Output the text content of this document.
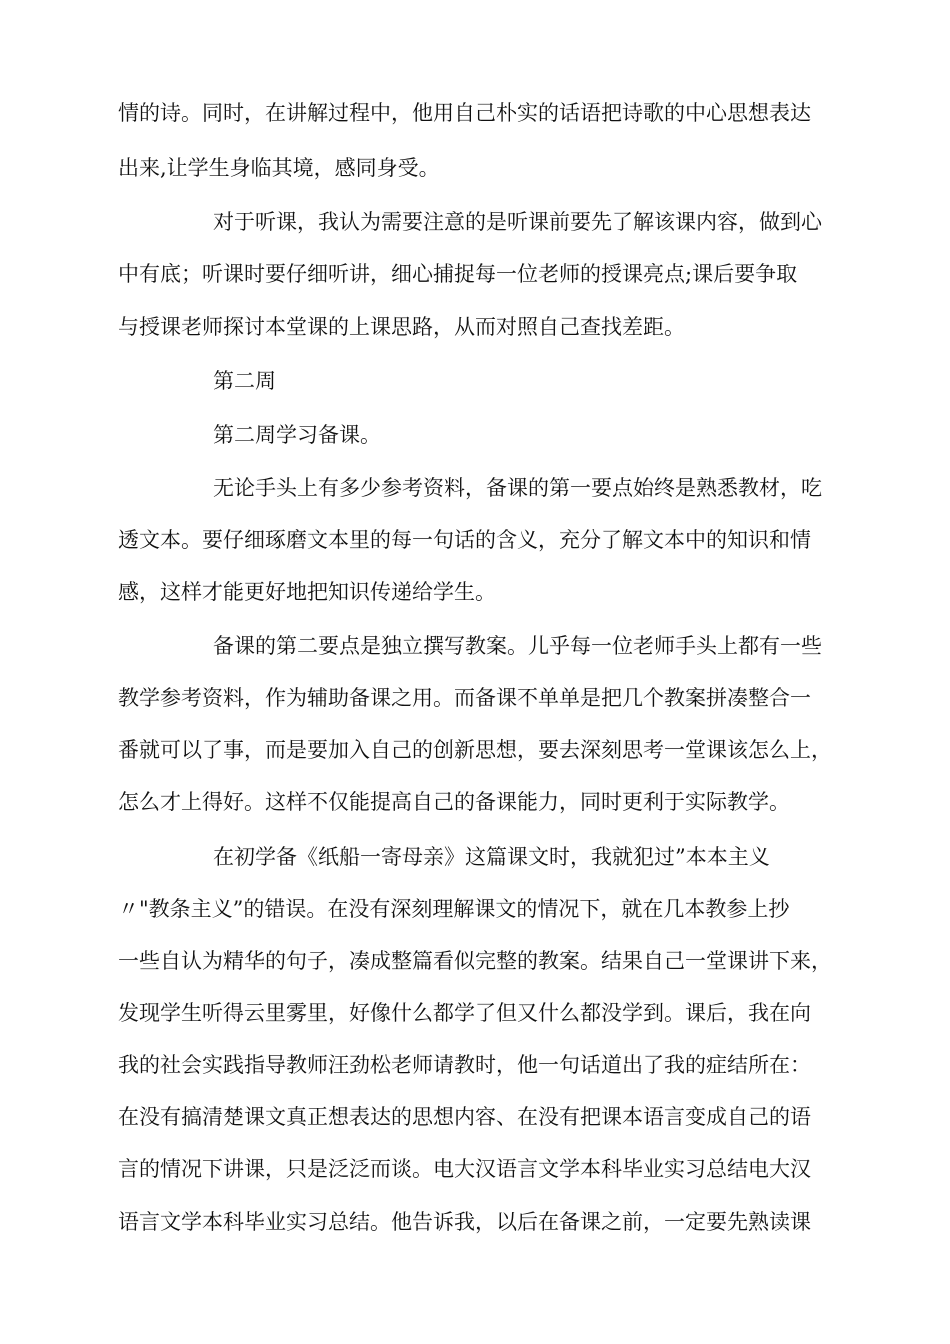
情的诗。同时，在讲解过程中，他用自己朴实的话语把诗歌的中心思想表达
出来,让学生身临其境，感同身受。
对于听课，我认为需要注意的是听课前要先了解该课内容，做到心
中有底；听课时要仔细听讲，细心捕捉每一位老师的授课亮点;课后要争取
与授课老师探讨本堂课的上课思路，从而对照自己查找差距。
第二周
第二周学习备课。
无论手头上有多少参考资料，备课的第一要点始终是熟悉教材，吃
透文本。要仔细琢磨文本里的每一句话的含义，充分了解文本中的知识和情
感，这样才能更好地把知识传递给学生。
备课的第二要点是独立撰写教案。儿乎每一位老师手头上都有一些
教学参考资料，作为辅助备课之用。而备课不单单是把几个教案拼凑整合一
番就可以了事，而是要加入自己的创新思想，要去深刻思考一堂课该怎么上，
怎么才上得好。这样不仅能提高自己的备课能力，同时更利于实际教学。
在初学备《纸船一寄母亲》这篇课文时，我就犯过”本本主义
〃"教条主义”的错误。在没有深刻理解课文的情况下，就在几本教参上抄
一些自认为精华的句子，凑成整篇看似完整的教案。结果自己一堂课讲下来，
发现学生听得云里雾里，好像什么都学了但又什么都没学到。课后，我在向
我的社会实践指导教师汪劲松老师请教时，他一句话道出了我的症结所在：
在没有搞清楚课文真正想表达的思想内容、在没有把课本语言变成自己的语
言的情况下讲课，只是泛泛而谈。电大汉语言文学本科毕业实习总结电大汉
语言文学本科毕业实习总结。他告诉我，以后在备课之前，一定要先熟读课
